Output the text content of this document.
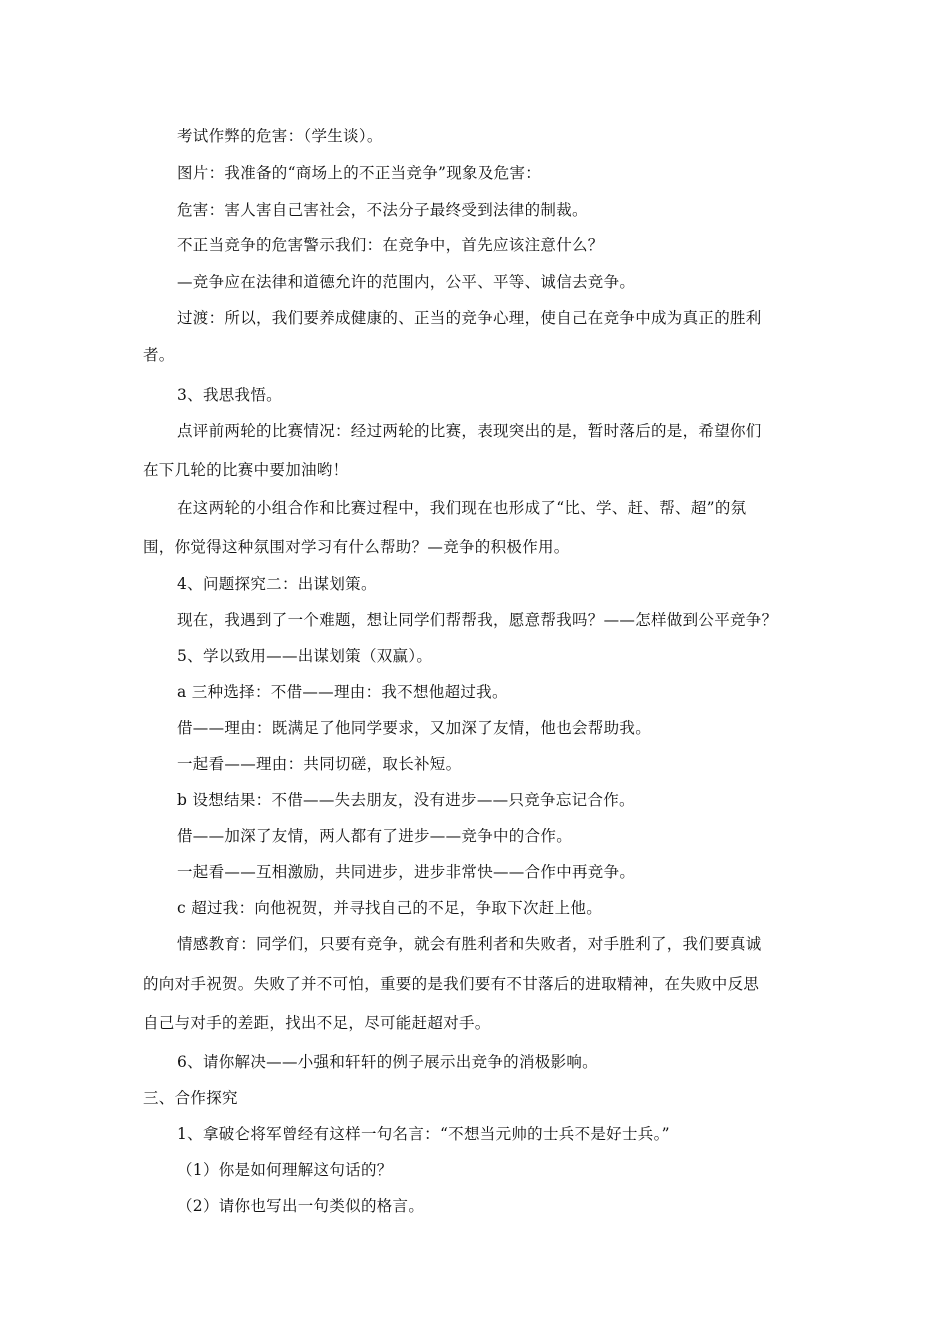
考试作弊的危害：（学生谈）。
图片：我准备的“商场上的不正当竞争”现象及危害：
危害：害人害自己害社会，不法分子最终受到法律的制裁。
不正当竞争的危害警示我们：在竞争中，首先应该注意什么？
—竞争应在法律和道德允许的范围内，公平、平等、诚信去竞争。
过渡：所以，我们要养成健康的、正当的竞争心理，使自己在竞争中成为真正的胜利
者。
3、我思我悟。
点评前两轮的比赛情况：经过两轮的比赛，表现突出的是，暂时落后的是，希望你们
在下几轮的比赛中要加油哟！
在这两轮的小组合作和比赛过程中，我们现在也形成了“比、学、赶、帮、超”的氛
围，你觉得这种氛围对学习有什么帮助？—竞争的积极作用。
4、问题探究二：出谋划策。
现在，我遇到了一个难题，想让同学们帮帮我，愿意帮我吗？——怎样做到公平竞争？
5、学以致用——出谋划策（双赢）。
a 三种选择：不借——理由：我不想他超过我。
借——理由：既满足了他同学要求，又加深了友情，他也会帮助我。
一起看——理由：共同切磋，取长补短。
b 设想结果：不借——失去朋友，没有进步——只竞争忘记合作。
借——加深了友情，两人都有了进步——竞争中的合作。
一起看——互相激励，共同进步，进步非常快——合作中再竞争。
c 超过我：向他祝贺，并寻找自己的不足，争取下次赶上他。
情感教育：同学们，只要有竞争，就会有胜利者和失败者，对手胜利了，我们要真诚
的向对手祝贺。失败了并不可怕，重要的是我们要有不甘落后的进取精神，在失败中反思
自己与对手的差距，找出不足，尽可能赶超对手。
6、请你解决——小强和轩轩的例子展示出竞争的消极影响。
三、合作探究
1、拿破仑将军曾经有这样一句名言：“不想当元帅的士兵不是好士兵。”
（1）你是如何理解这句话的？
（2）请你也写出一句类似的格言。
